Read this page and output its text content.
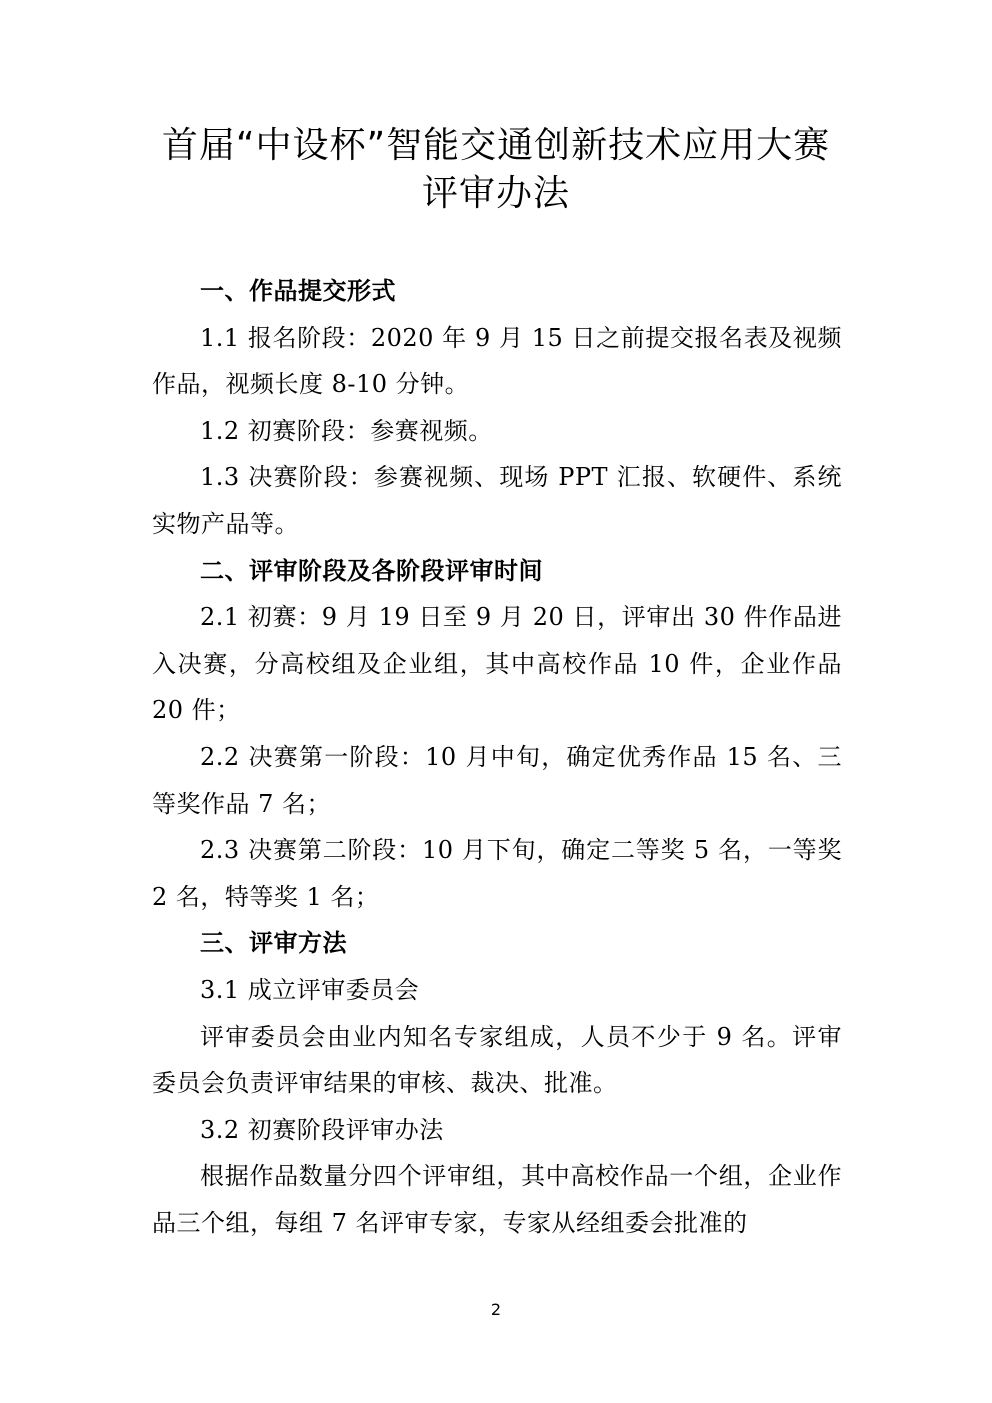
首届“中设杯”智能交通创新技术应用大赛
评审办法

一、作品提交形式

1.1 报名阶段：2020 年 9 月 15 日之前提交报名表及视频作品，视频长度 8-10 分钟。

1.2 初赛阶段：参赛视频。

1.3 决赛阶段：参赛视频、现场 PPT 汇报、软硬件、系统实物产品等。

二、评审阶段及各阶段评审时间

2.1 初赛：9 月 19 日至 9 月 20 日，评审出 30 件作品进入决赛，分高校组及企业组，其中高校作品 10 件，企业作品 20 件；

2.2 决赛第一阶段：10 月中旬，确定优秀作品 15 名、三等奖作品 7 名；

2.3 决赛第二阶段：10 月下旬，确定二等奖 5 名，一等奖 2 名，特等奖 1 名；

三、评审方法

3.1 成立评审委员会

评审委员会由业内知名专家组成，人员不少于 9 名。评审委员会负责评审结果的审核、裁决、批准。

3.2 初赛阶段评审办法

根据作品数量分四个评审组，其中高校作品一个组，企业作品三个组，每组 7 名评审专家，专家从经组委会批准的

2
